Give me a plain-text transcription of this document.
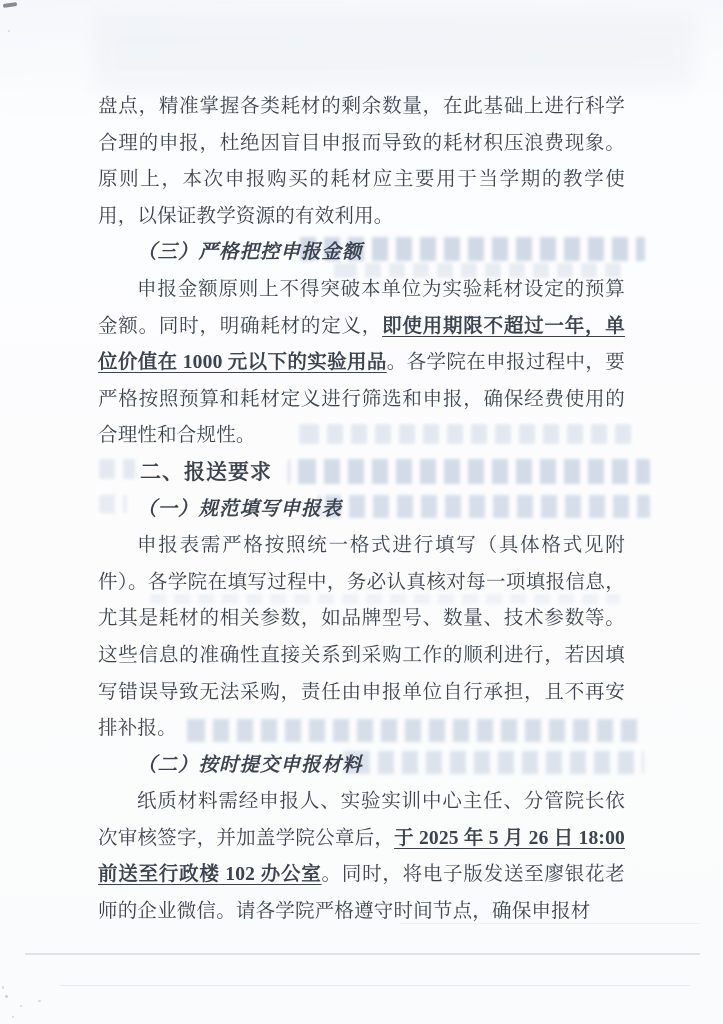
盘点，精准掌握各类耗材的剩余数量，在此基础上进行科学合理的申报，杜绝因盲目申报而导致的耗材积压浪费现象。原则上，本次申报购买的耗材应主要用于当学期的教学使用，以保证教学资源的有效利用。

（三）严格把控申报金额

申报金额原则上不得突破本单位为实验耗材设定的预算金额。同时，明确耗材的定义，即使用期限不超过一年，单位价值在 1000 元以下的实验用品。各学院在申报过程中，要严格按照预算和耗材定义进行筛选和申报，确保经费使用的合理性和合规性。

二、报送要求

（一）规范填写申报表

申报表需严格按照统一格式进行填写（具体格式见附件）。各学院在填写过程中，务必认真核对每一项填报信息，尤其是耗材的相关参数，如品牌型号、数量、技术参数等。这些信息的准确性直接关系到采购工作的顺利进行，若因填写错误导致无法采购，责任由申报单位自行承担，且不再安排补报。

（二）按时提交申报材料

纸质材料需经申报人、实验实训中心主任、分管院长依次审核签字，并加盖学院公章后，于 2025 年 5 月 26 日 18:00 前送至行政楼 102 办公室。同时，将电子版发送至廖银花老师的企业微信。请各学院严格遵守时间节点，确保申报材
